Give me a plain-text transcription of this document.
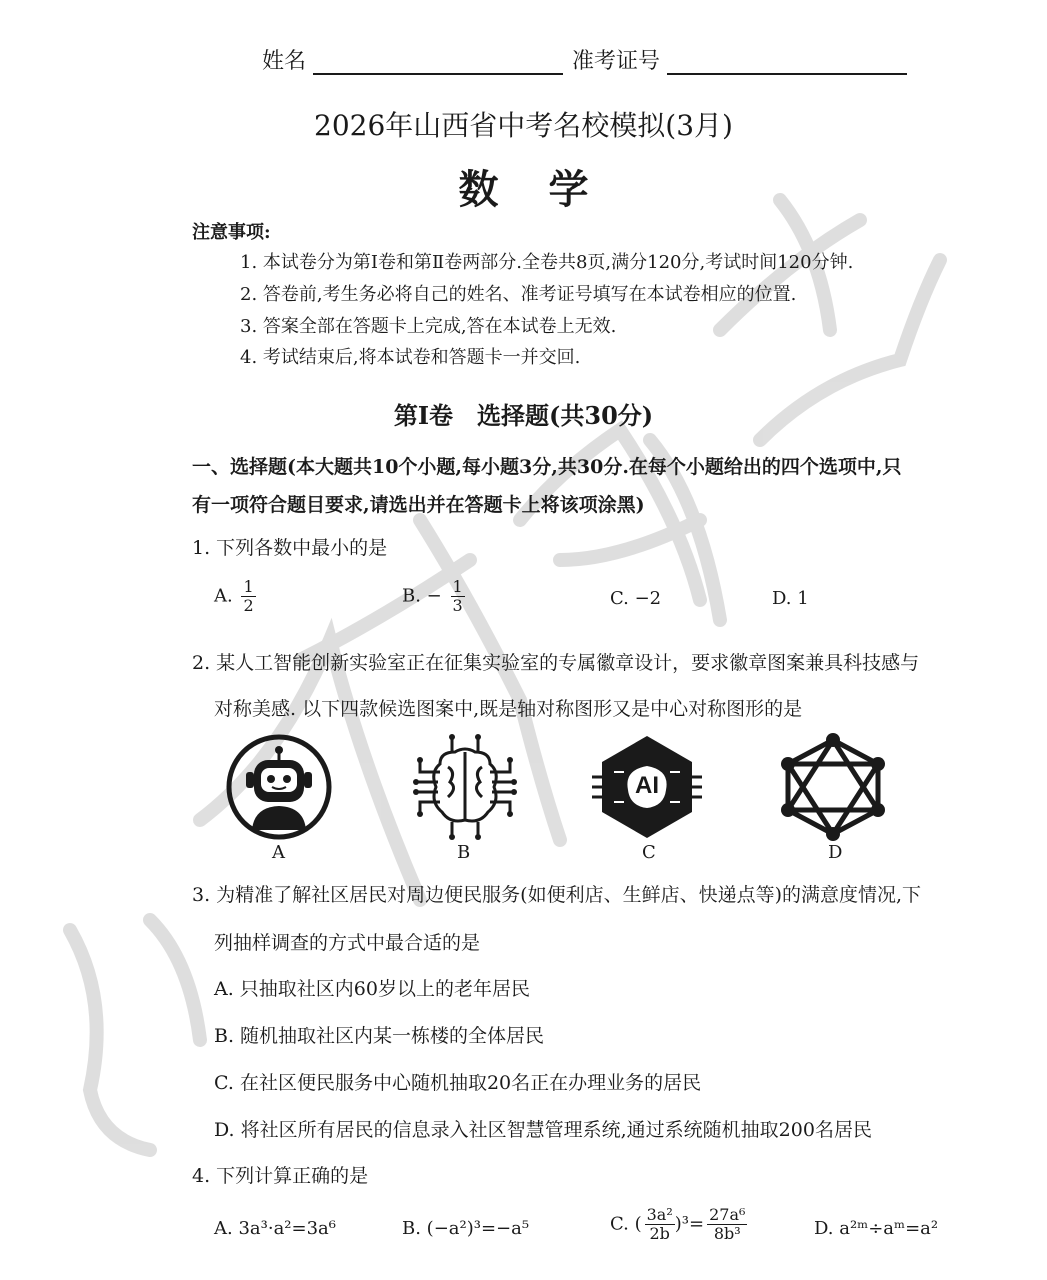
姓名	准考证号
2026年山西省中考名校模拟(3月)
数学
注意事项:
1. 本试卷分为第Ⅰ卷和第Ⅱ卷两部分.全卷共8页,满分120分,考试时间120分钟.
2. 答卷前,考生务必将自己的姓名、准考证号填写在本试卷相应的位置.
3. 答案全部在答题卡上完成,答在本试卷上无效.
4. 考试结束后,将本试卷和答题卡一并交回.
第Ⅰ卷　选择题(共30分)
一、选择题(本大题共10个小题,每小题3分,共30分.在每个小题给出的四个选项中,只
有一项符合题目要求,请选出并在答题卡上将该项涂黑)
1. 下列各数中最小的是
A. $\frac{1}{2}$	B. − $\frac{1}{3}$	C. −2	D. 1
2. 某人工智能创新实验室正在征集实验室的专属徽章设计，要求徽章图案兼具科技感与
对称美感. 以下四款候选图案中,既是轴对称图形又是中心对称图形的是
A	B
AI
C	D
3. 为精准了解社区居民对周边便民服务(如便利店、生鲜店、快递点等)的满意度情况,下
列抽样调查的方式中最合适的是
A. 只抽取社区内60岁以上的老年居民
B. 随机抽取社区内某一栋楼的全体居民
C. 在社区便民服务中心随机抽取20名正在办理业务的居民
D. 将社区所有居民的信息录入社区智慧管理系统,通过系统随机抽取200名居民
4. 下列计算正确的是
A. 3a³·a²=3a⁶	B. (−a²)³=−a⁵	C. ( $\frac{\text{3a²}}{2b} )^3= \frac{\text{27a⁶}}{\text{8b³}}$	D. a²ᵐ÷aᵐ=a²
